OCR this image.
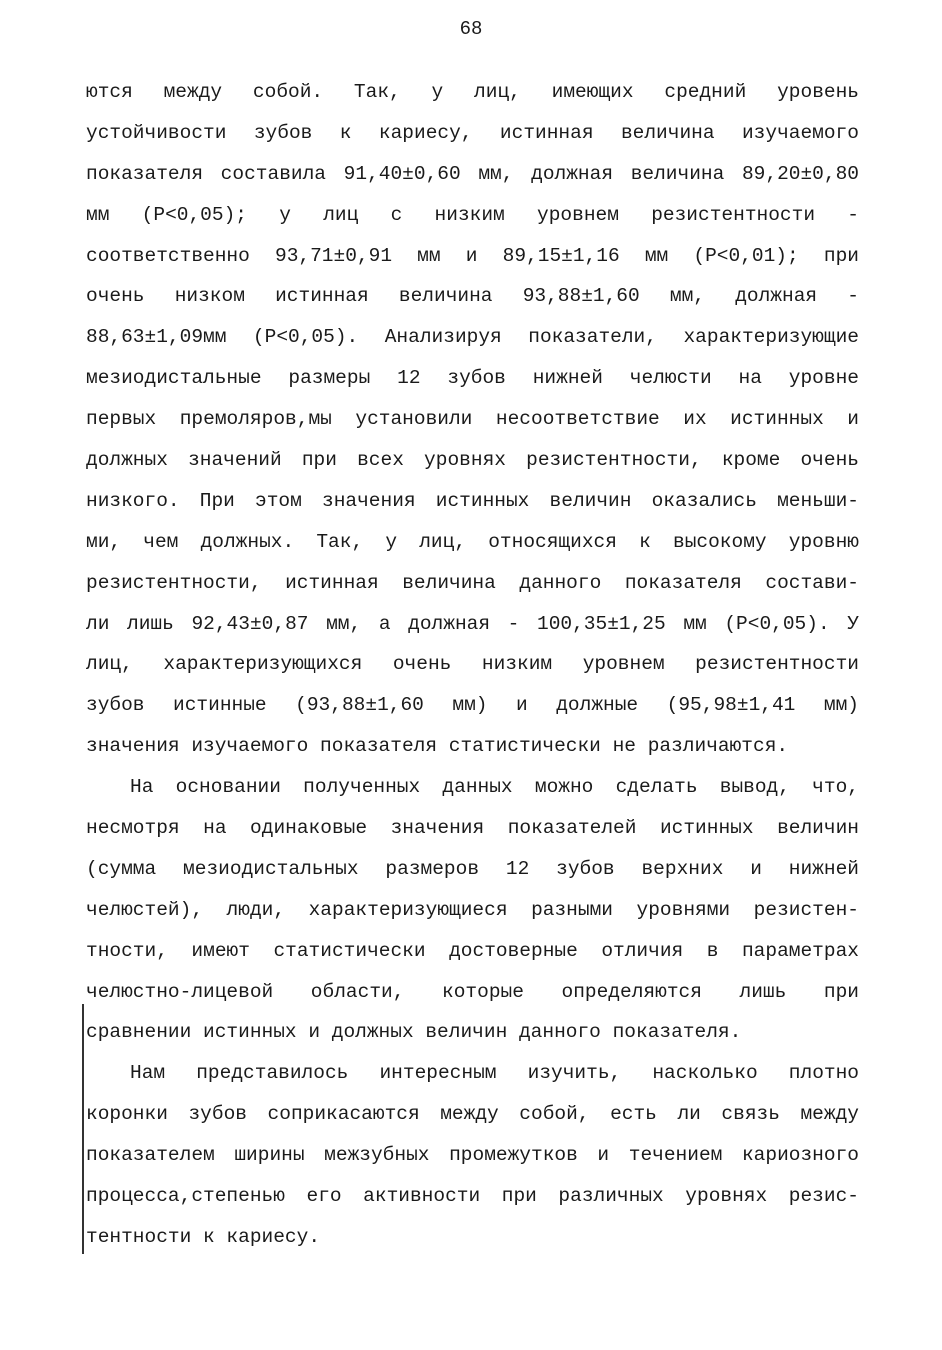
68
ются между собой. Так, у лиц, имеющих средний уровень
устойчивости зубов к кариесу, истинная величина изучаемого
показателя составила 91,40±0,60 мм, должная величина 89,20±0,80
мм (Р<0,05); у лиц с низким уровнем резистентности -
соответственно 93,71±0,91 мм и 89,15±1,16 мм (Р<0,01); при
очень низком истинная величина 93,88±1,60 мм, должная -
88,63±1,09мм (Р<0,05). Анализируя показатели, характеризующие
мезиодистальные размеры 12 зубов нижней челюсти на уровне
первых премоляров,мы установили несоответствие их истинных и
должных значений при всех уровнях резистентности, кроме очень
низкого. При этом значения истинных величин оказались меньши-
ми, чем должных. Так, у лиц, относящихся к высокому уровню
резистентности, истинная величина данного показателя состави-
ли лишь 92,43±0,87 мм, а должная - 100,35±1,25 мм (Р<0,05). У
лиц, характеризующихся очень низким уровнем резистентности
зубов истинные (93,88±1,60 мм) и должные (95,98±1,41 мм)
значения изучаемого показателя статистически не различаются.
На основании полученных данных можно сделать вывод, что,
несмотря на одинаковые значения показателей истинных величин
(сумма мезиодистальных размеров 12 зубов верхних и нижней
челюстей), люди, характеризующиеся разными уровнями резистен-
тности, имеют статистически достоверные отличия в параметрах
челюстно-лицевой области, которые определяются лишь при
сравнении истинных и должных величин данного показателя.
Нам представилось интересным изучить, насколько плотно
коронки зубов соприкасаются между собой, есть ли связь между
показателем ширины межзубных промежутков и течением кариозного
процесса,степенью его активности при различных уровнях резис-
тентности к кариесу.
